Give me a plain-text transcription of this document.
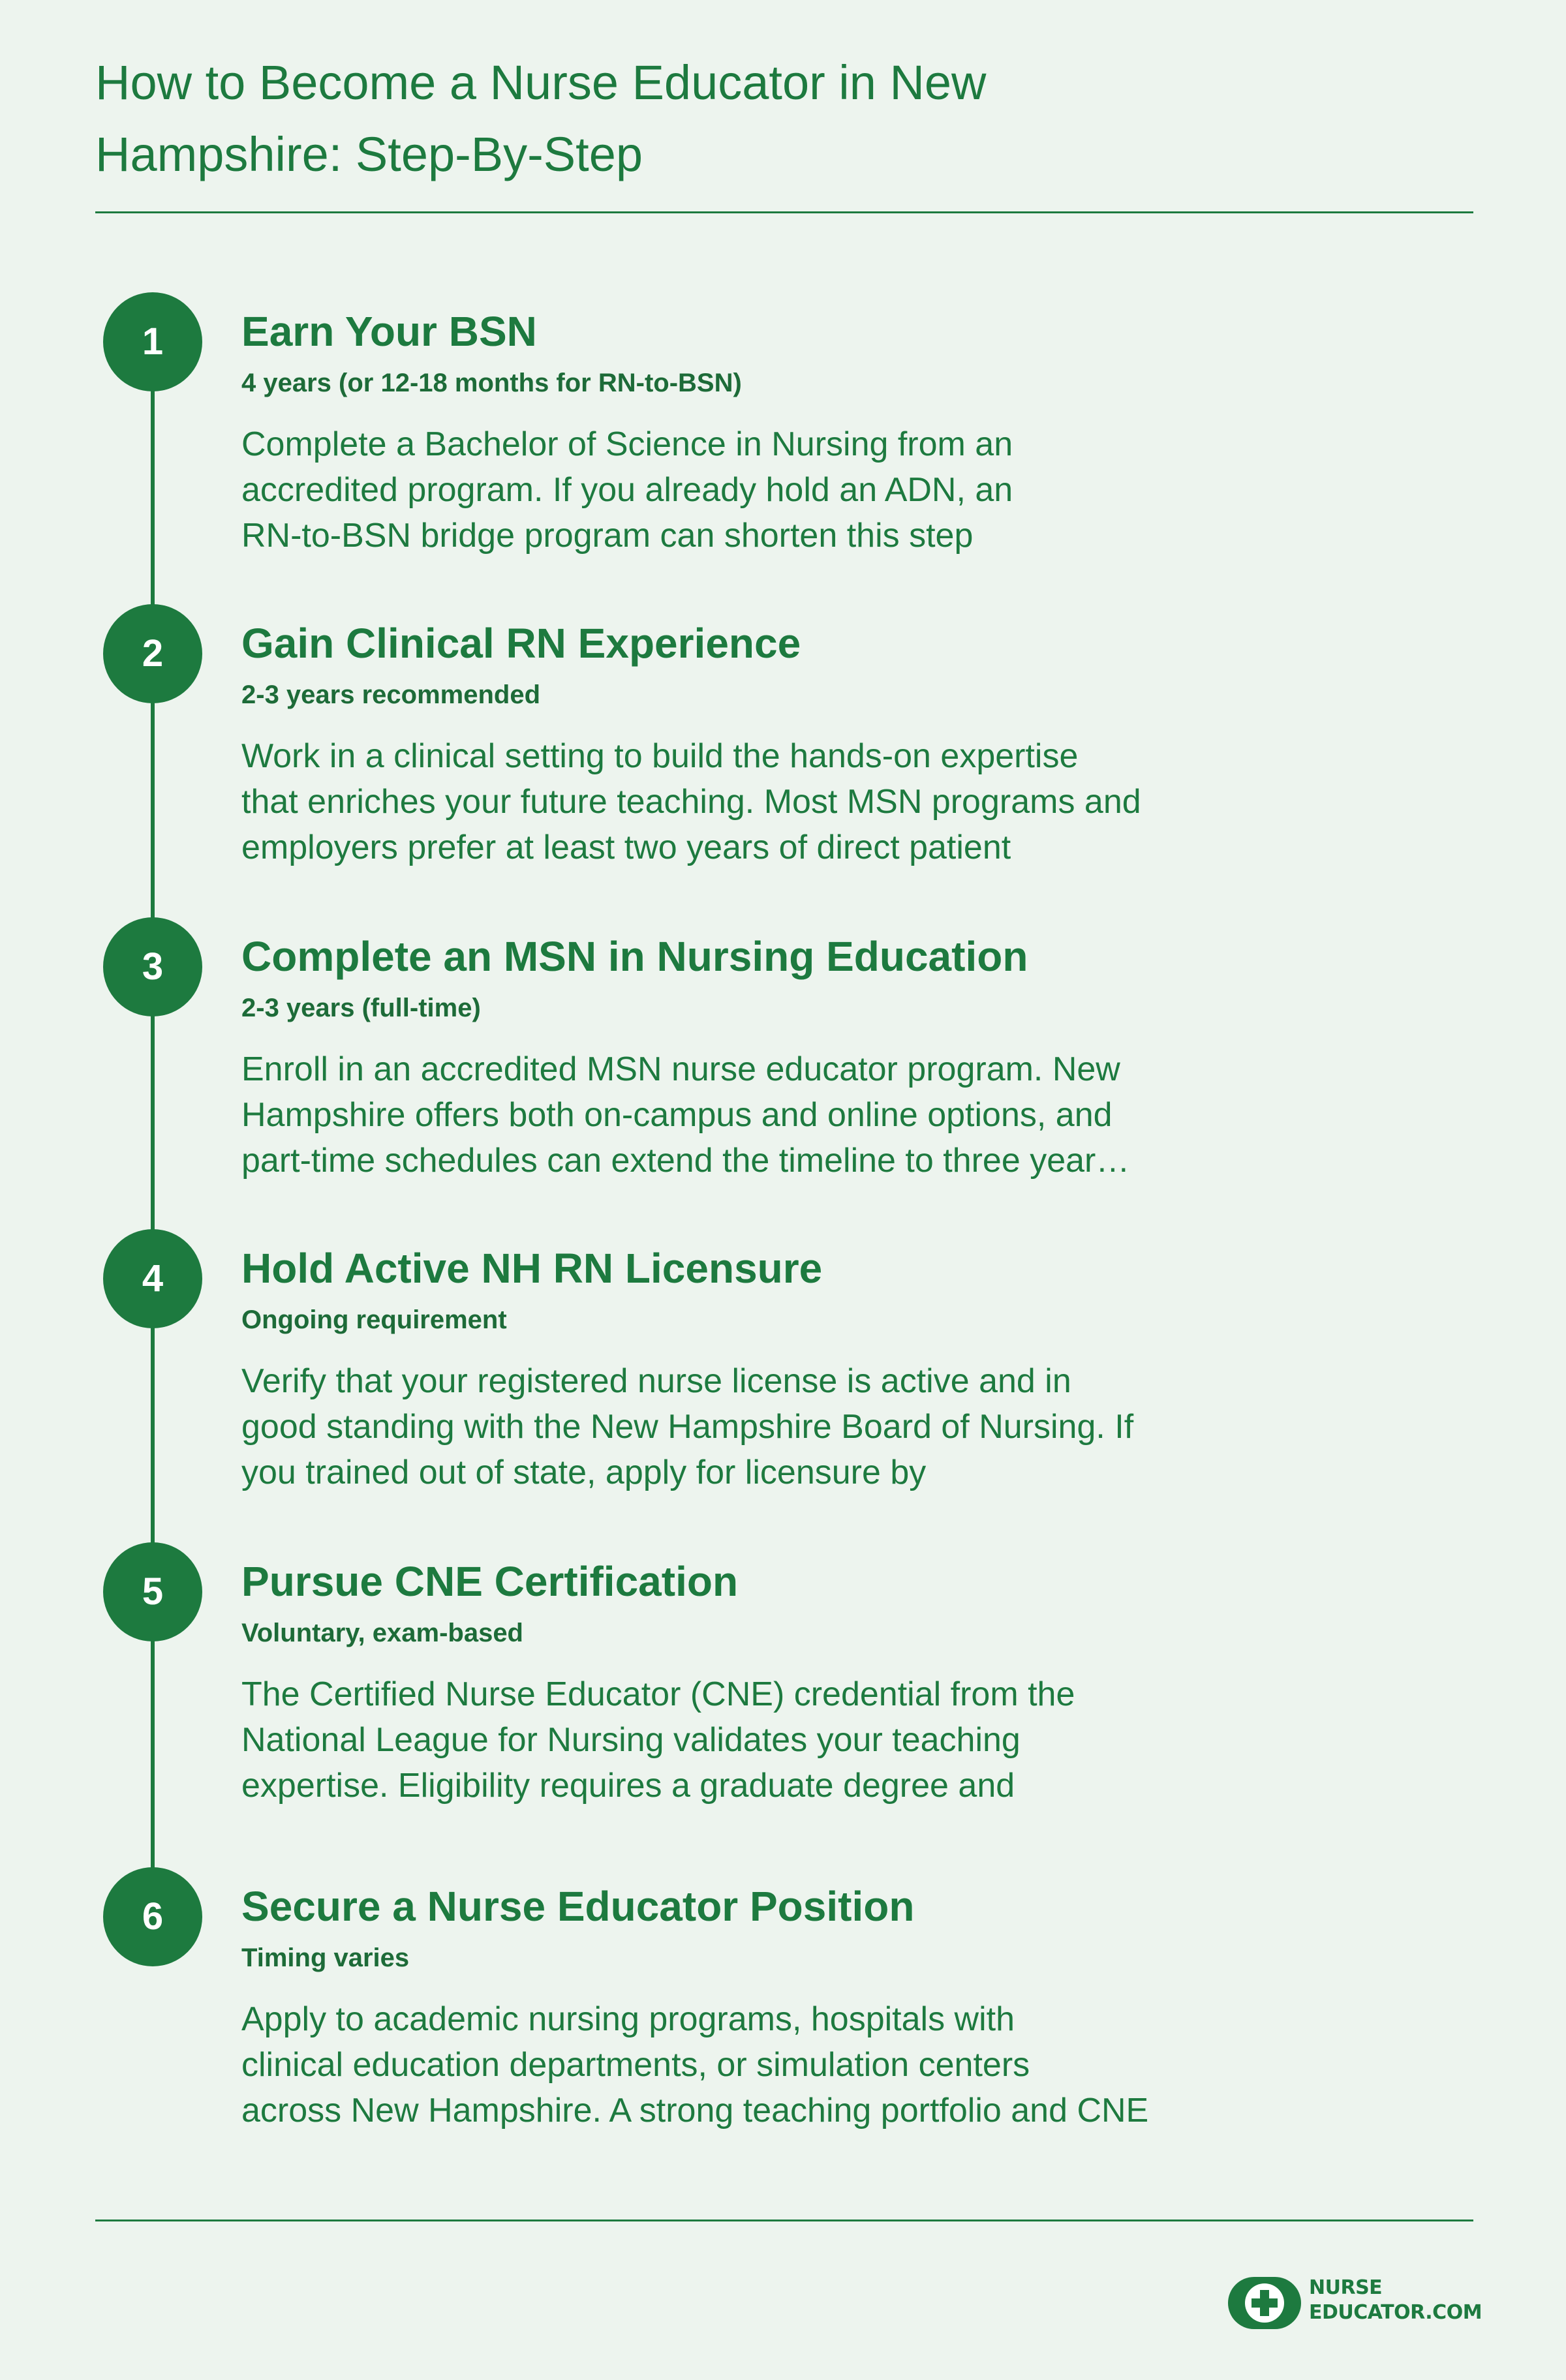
How to Become a Nurse Educator in New
Hampshire: Step-By-Step
1	Earn Your BSN
4 years (or 12-18 months for RN-to-BSN)
Complete a Bachelor of Science in Nursing from an
accredited program. If you already hold an ADN, an
RN-to-BSN bridge program can shorten this step
2	Gain Clinical RN Experience
2-3 years recommended
Work in a clinical setting to build the hands-on expertise
that enriches your future teaching. Most MSN programs and
employers prefer at least two years of direct patient
3	Complete an MSN in Nursing Education
2-3 years (full-time)
Enroll in an accredited MSN nurse educator program. New
Hampshire offers both on-campus and online options, and
part-time schedules can extend the timeline to three year…
4	Hold Active NH RN Licensure
Ongoing requirement
Verify that your registered nurse license is active and in
good standing with the New Hampshire Board of Nursing. If
you trained out of state, apply for licensure by
5	Pursue CNE Certification
Voluntary, exam-based
The Certified Nurse Educator (CNE) credential from the
National League for Nursing validates your teaching
expertise. Eligibility requires a graduate degree and
6	Secure a Nurse Educator Position
Timing varies
Apply to academic nursing programs, hospitals with
clinical education departments, or simulation centers
across New Hampshire. A strong teaching portfolio and CNE
NURSE
EDUCATOR.COM
